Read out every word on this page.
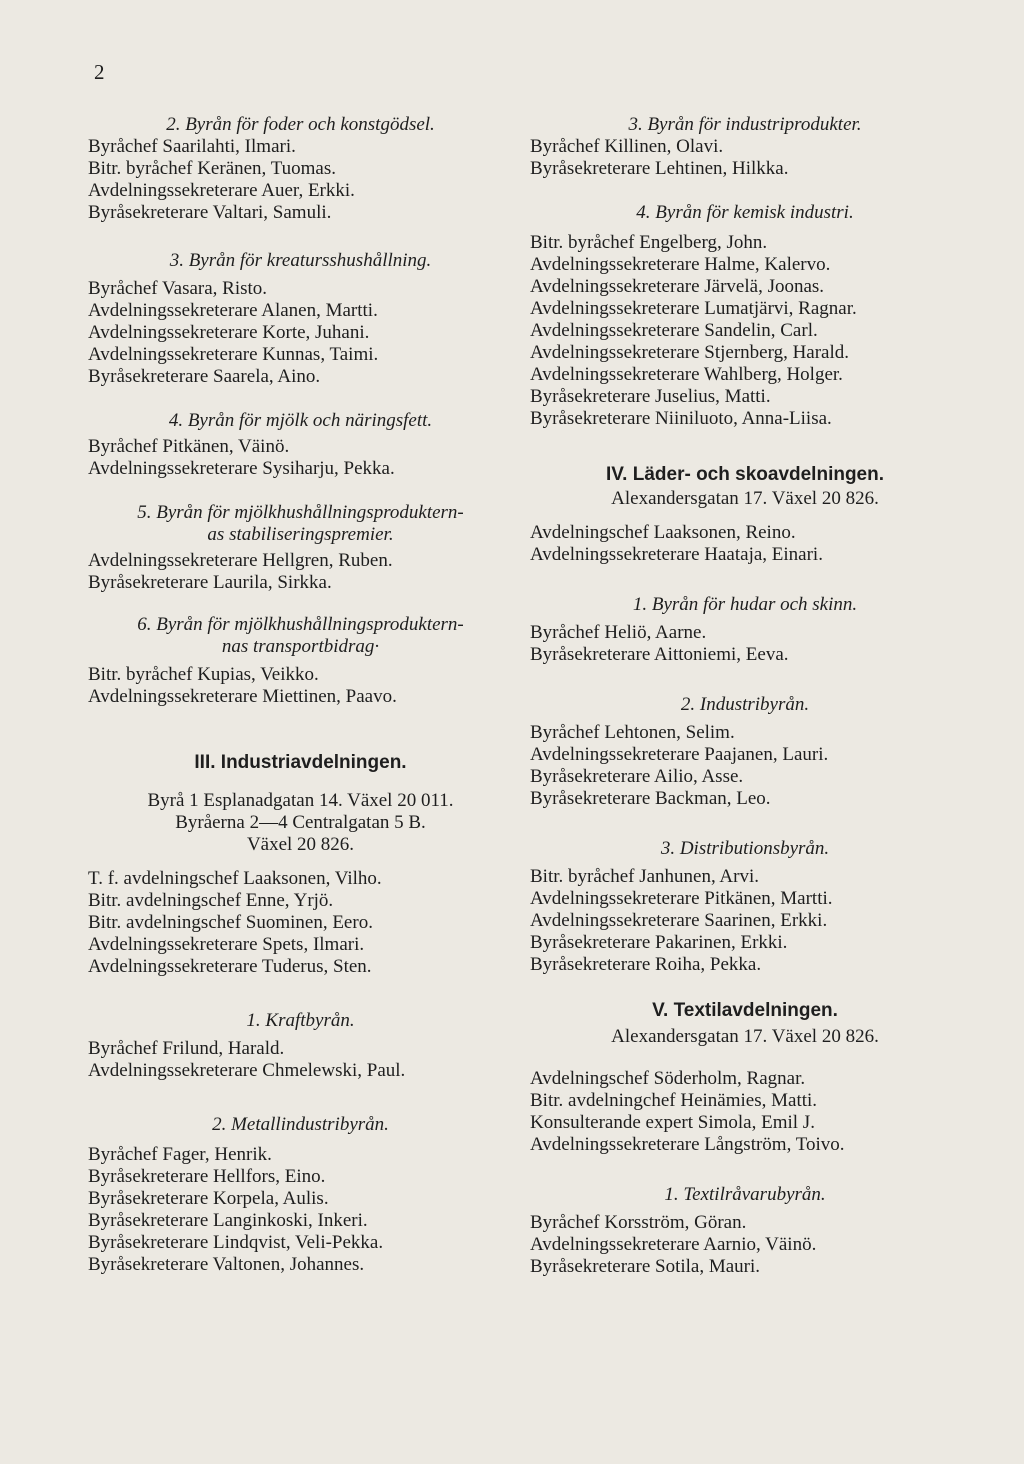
2
2. Byrån för foder och konstgödsel.
Byråchef Saarilahti, Ilmari.
Bitr. byråchef Keränen, Tuomas.
Avdelningssekreterare Auer, Erkki.
Byråsekreterare Valtari, Samuli.
3. Byrån för kreatursshushållning.
Byråchef Vasara, Risto.
Avdelningssekreterare Alanen, Martti.
Avdelningssekreterare Korte, Juhani.
Avdelningssekreterare Kunnas, Taimi.
Byråsekreterare Saarela, Aino.
4. Byrån för mjölk och näringsfett.
Byråchef Pitkänen, Väinö.
Avdelningssekreterare Sysiharju, Pekka.
5. Byrån för mjölkhushållningsproduktern-
as stabiliseringspremier.
Avdelningssekreterare Hellgren, Ruben.
Byråsekreterare Laurila, Sirkka.
6. Byrån för mjölkhushållningsproduktern-
nas transportbidrag·
Bitr. byråchef Kupias, Veikko.
Avdelningssekreterare Miettinen, Paavo.
III. Industriavdelningen.
Byrå 1 Esplanadgatan 14. Växel 20 011.
Byråerna 2—4 Centralgatan 5 B.
Växel 20 826.
T. f. avdelningschef Laaksonen, Vilho.
Bitr. avdelningschef Enne, Yrjö.
Bitr. avdelningschef Suominen, Eero.
Avdelningssekreterare Spets, Ilmari.
Avdelningssekreterare Tuderus, Sten.
1. Kraftbyrån.
Byråchef Frilund, Harald.
Avdelningssekreterare Chmelewski, Paul.
2. Metallindustribyrån.
Byråchef Fager, Henrik.
Byråsekreterare Hellfors, Eino.
Byråsekreterare Korpela, Aulis.
Byråsekreterare Langinkoski, Inkeri.
Byråsekreterare Lindqvist, Veli-Pekka.
Byråsekreterare Valtonen, Johannes.
3. Byrån för industriprodukter.
Byråchef Killinen, Olavi.
Byråsekreterare Lehtinen, Hilkka.
4. Byrån för kemisk industri.
Bitr. byråchef Engelberg, John.
Avdelningssekreterare Halme, Kalervo.
Avdelningssekreterare Järvelä, Joonas.
Avdelningssekreterare Lumatjärvi, Ragnar.
Avdelningssekreterare Sandelin, Carl.
Avdelningssekreterare Stjernberg, Harald.
Avdelningssekreterare Wahlberg, Holger.
Byråsekreterare Juselius, Matti.
Byråsekreterare Niiniluoto, Anna-Liisa.
IV. Läder- och skoavdelningen.
Alexandersgatan 17. Växel 20 826.
Avdelningschef Laaksonen, Reino.
Avdelningssekreterare Haataja, Einari.
1. Byrån för hudar och skinn.
Byråchef Heliö, Aarne.
Byråsekreterare Aittoniemi, Eeva.
2. Industribyrån.
Byråchef Lehtonen, Selim.
Avdelningssekreterare Paajanen, Lauri.
Byråsekreterare Ailio, Asse.
Byråsekreterare Backman, Leo.
3. Distributionsbyrån.
Bitr. byråchef Janhunen, Arvi.
Avdelningssekreterare Pitkänen, Martti.
Avdelningssekreterare Saarinen, Erkki.
Byråsekreterare Pakarinen, Erkki.
Byråsekreterare Roiha, Pekka.
V. Textilavdelningen.
Alexandersgatan 17. Växel 20 826.
Avdelningschef Söderholm, Ragnar.
Bitr. avdelningchef Heinämies, Matti.
Konsulterande expert Simola, Emil J.
Avdelningssekreterare Långström, Toivo.
1. Textilråvarubyrån.
Byråchef Korsström, Göran.
Avdelningssekreterare Aarnio, Väinö.
Byråsekreterare Sotila, Mauri.
